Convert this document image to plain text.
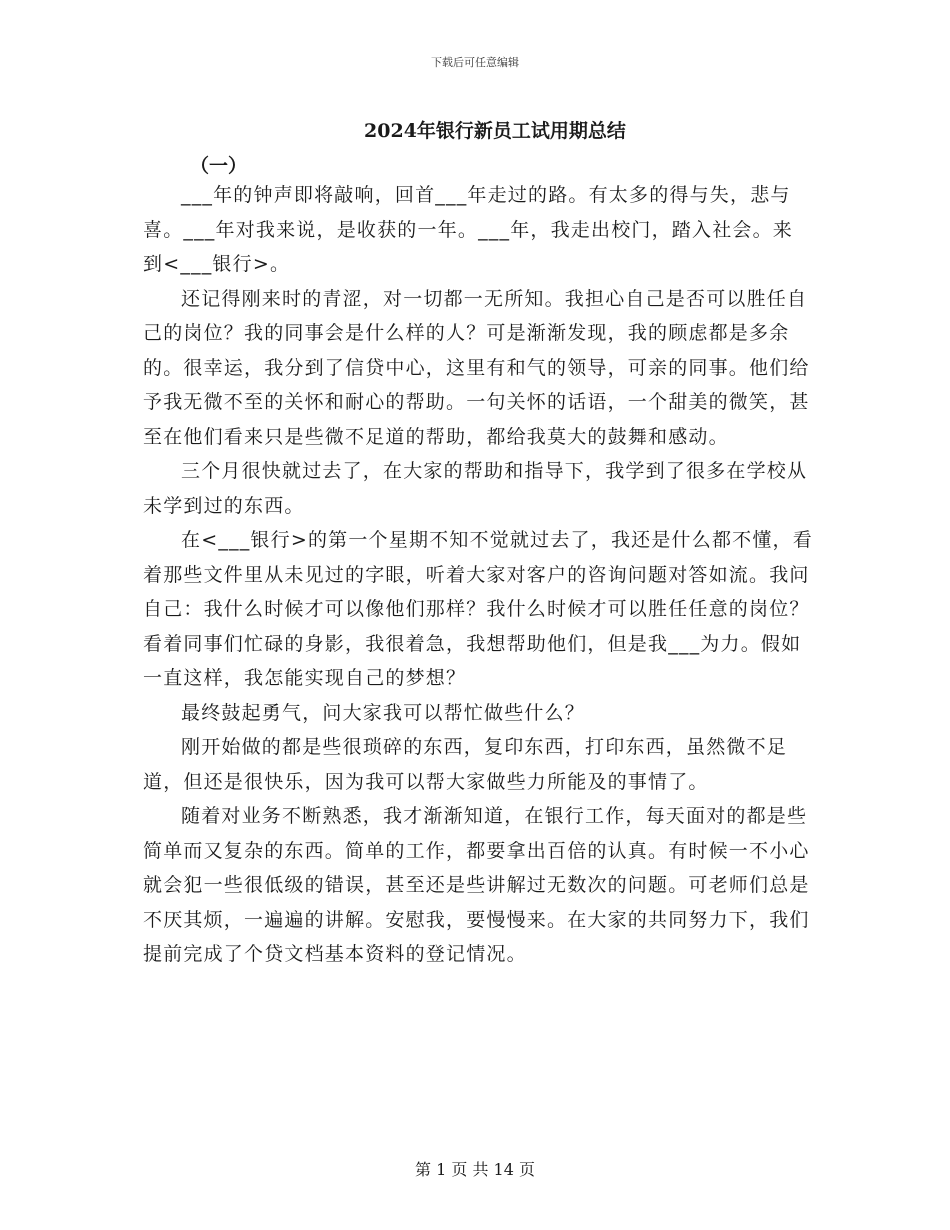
下载后可任意编辑
2024年银行新员工试用期总结
（一）

___年的钟声即将敲响，回首___年走过的路。有太多的得与失，悲与喜。___年对我来说，是收获的一年。___年，我走出校门，踏入社会。来到<___银行>。

还记得刚来时的青涩，对一切都一无所知。我担心自己是否可以胜任自己的岗位？我的同事会是什么样的人？可是渐渐发现，我的顾虑都是多余的。很幸运，我分到了信贷中心，这里有和气的领导，可亲的同事。他们给予我无微不至的关怀和耐心的帮助。一句关怀的话语，一个甜美的微笑，甚至在他们看来只是些微不足道的帮助，都给我莫大的鼓舞和感动。

三个月很快就过去了，在大家的帮助和指导下，我学到了很多在学校从未学到过的东西。

在<___银行>的第一个星期不知不觉就过去了，我还是什么都不懂，看着那些文件里从未见过的字眼，听着大家对客户的咨询问题对答如流。我问自己：我什么时候才可以像他们那样？我什么时候才可以胜任任意的岗位？看着同事们忙碌的身影，我很着急，我想帮助他们，但是我___为力。假如一直这样，我怎能实现自己的梦想？

最终鼓起勇气，问大家我可以帮忙做些什么？

刚开始做的都是些很琐碎的东西，复印东西，打印东西，虽然微不足道，但还是很快乐，因为我可以帮大家做些力所能及的事情了。

随着对业务不断熟悉，我才渐渐知道，在银行工作，每天面对的都是些简单而又复杂的东西。简单的工作，都要拿出百倍的认真。有时候一不小心就会犯一些很低级的错误，甚至还是些讲解过无数次的问题。可老师们总是不厌其烦，一遍遍的讲解。安慰我，要慢慢来。在大家的共同努力下，我们提前完成了个贷文档基本资料的登记情况。

第 1 页 共 14 页
